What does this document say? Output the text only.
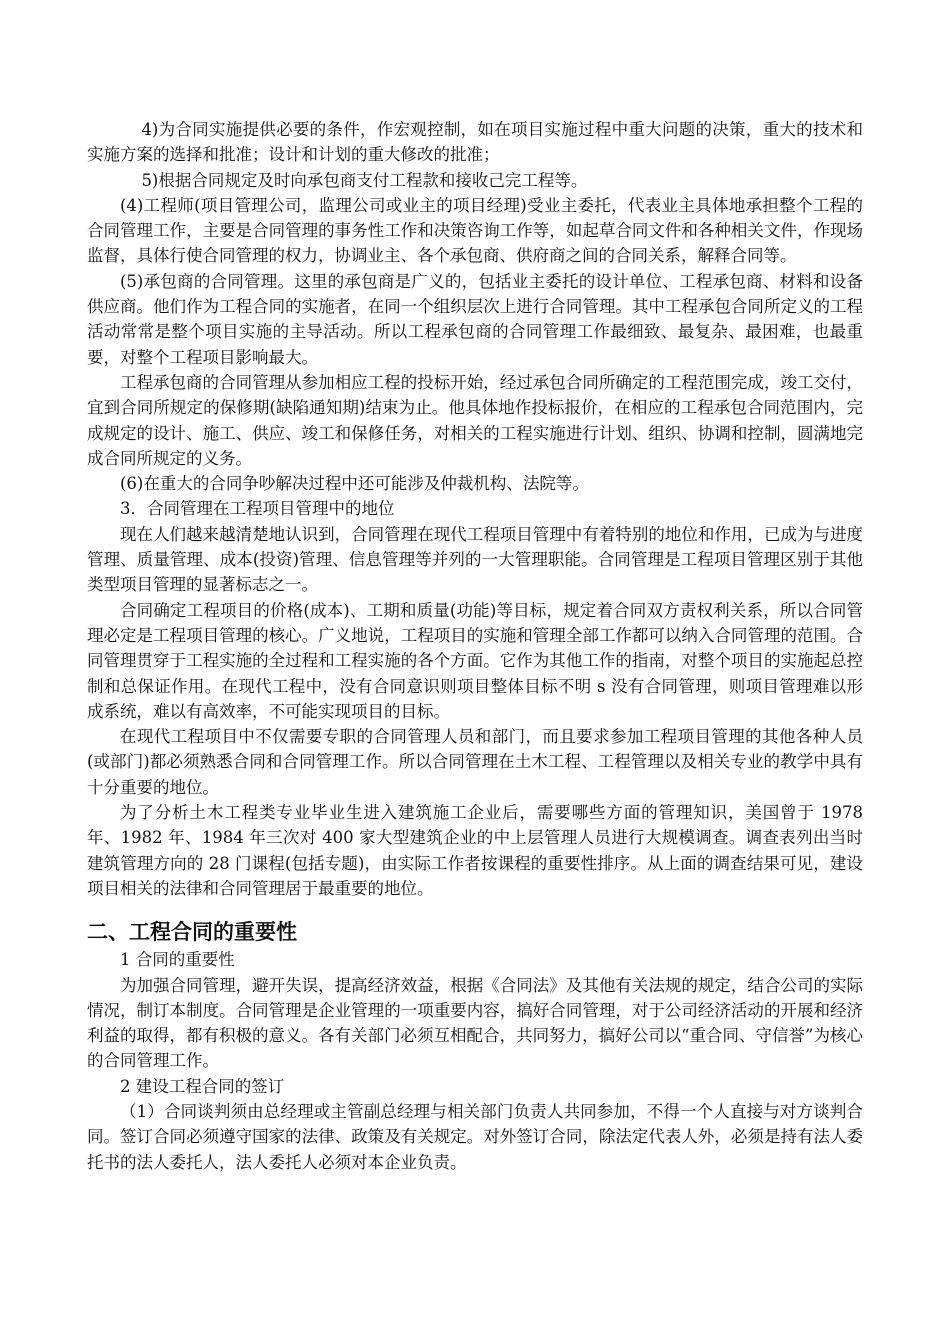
4)为合同实施提供必要的条件，作宏观控制，如在项目实施过程中重大问题的决策，重大的技术和实施方案的选择和批准；设计和计划的重大修改的批准；

5)根据合同规定及时向承包商支付工程款和接收己完工程等。

(4)工程师(项目管理公司，监理公司或业主的项目经理)受业主委托，代表业主具体地承担整个工程的合同管理工作，主要是合同管理的事务性工作和决策咨询工作等，如起草合同文件和各种相关文件，作现场监督，具体行使合同管理的权力，协调业主、各个承包商、供府商之间的合同关系，解释合同等。

(5)承包商的合同管理。这里的承包商是广义的，包括业主委托的设计单位、工程承包商、材料和设备供应商。他们作为工程合同的实施者，在同一个组织层次上进行合同管理。其中工程承包合同所定义的工程活动常常是整个项目实施的主导活动。所以工程承包商的合同管理工作最细致、最复杂、最困难，也最重要，对整个工程项目影响最大。

工程承包商的合同管理从参加相应工程的投标开始，经过承包合同所确定的工程范围完成，竣工交付，宜到合同所规定的保修期(缺陷通知期)结束为止。他具体地作投标报价，在相应的工程承包合同范围内，完成规定的设计、施工、供应、竣工和保修任务，对相关的工程实施进行计划、组织、协调和控制，圆满地完成合同所规定的义务。

(6)在重大的合同争吵解决过程中还可能涉及仲裁机构、法院等。

3．合同管理在工程项目管理中的地位

现在人们越来越清楚地认识到，合同管理在现代工程项目管理中有着特别的地位和作用，已成为与进度管理、质量管理、成本(投资)管理、信息管理等并列的一大管理职能。合同管理是工程项目管理区别于其他类型项目管理的显著标志之一。

合同确定工程项目的价格(成本)、工期和质量(功能)等目标，规定着合同双方责权利关系，所以合同管理必定是工程项目管理的核心。广义地说，工程项目的实施和管理全部工作都可以纳入合同管理的范围。合同管理贯穿于工程实施的全过程和工程实施的各个方面。它作为其他工作的指南，对整个项目的实施起总控制和总保证作用。在现代工程中，没有合同意识则项目整体目标不明 s 没有合同管理，则项目管理难以形成系统，难以有高效率，不可能实现项目的目标。

在现代工程项目中不仅需要专职的合同管理人员和部门，而且要求参加工程项目管理的其他各种人员(或部门)都必须熟悉合同和合同管理工作。所以合同管理在土木工程、工程管理以及相关专业的教学中具有十分重要的地位。

为了分析土木工程类专业毕业生进入建筑施工企业后，需要哪些方面的管理知识，美国曾于 1978 年、1982 年、1984 年三次对 400 家大型建筑企业的中上层管理人员进行大规模调查。调查表列出当时建筑管理方向的 28 门课程(包括专题)，由实际工作者按课程的重要性排序。从上面的调查结果可见，建设项目相关的法律和合同管理居于最重要的地位。

二、工程合同的重要性

1 合同的重要性

为加强合同管理，避开失误，提高经济效益，根据《合同法》及其他有关法规的规定，结合公司的实际情况，制订本制度。合同管理是企业管理的一项重要内容，搞好合同管理，对于公司经济活动的开展和经济利益的取得，都有积极的意义。各有关部门必须互相配合，共同努力，搞好公司以“重合同、守信誉”为核心的合同管理工作。

2 建设工程合同的签订

（1）合同谈判须由总经理或主管副总经理与相关部门负责人共同参加，不得一个人直接与对方谈判合同。签订合同必须遵守国家的法律、政策及有关规定。对外签订合同，除法定代表人外，必须是持有法人委托书的法人委托人，法人委托人必须对本企业负责。
